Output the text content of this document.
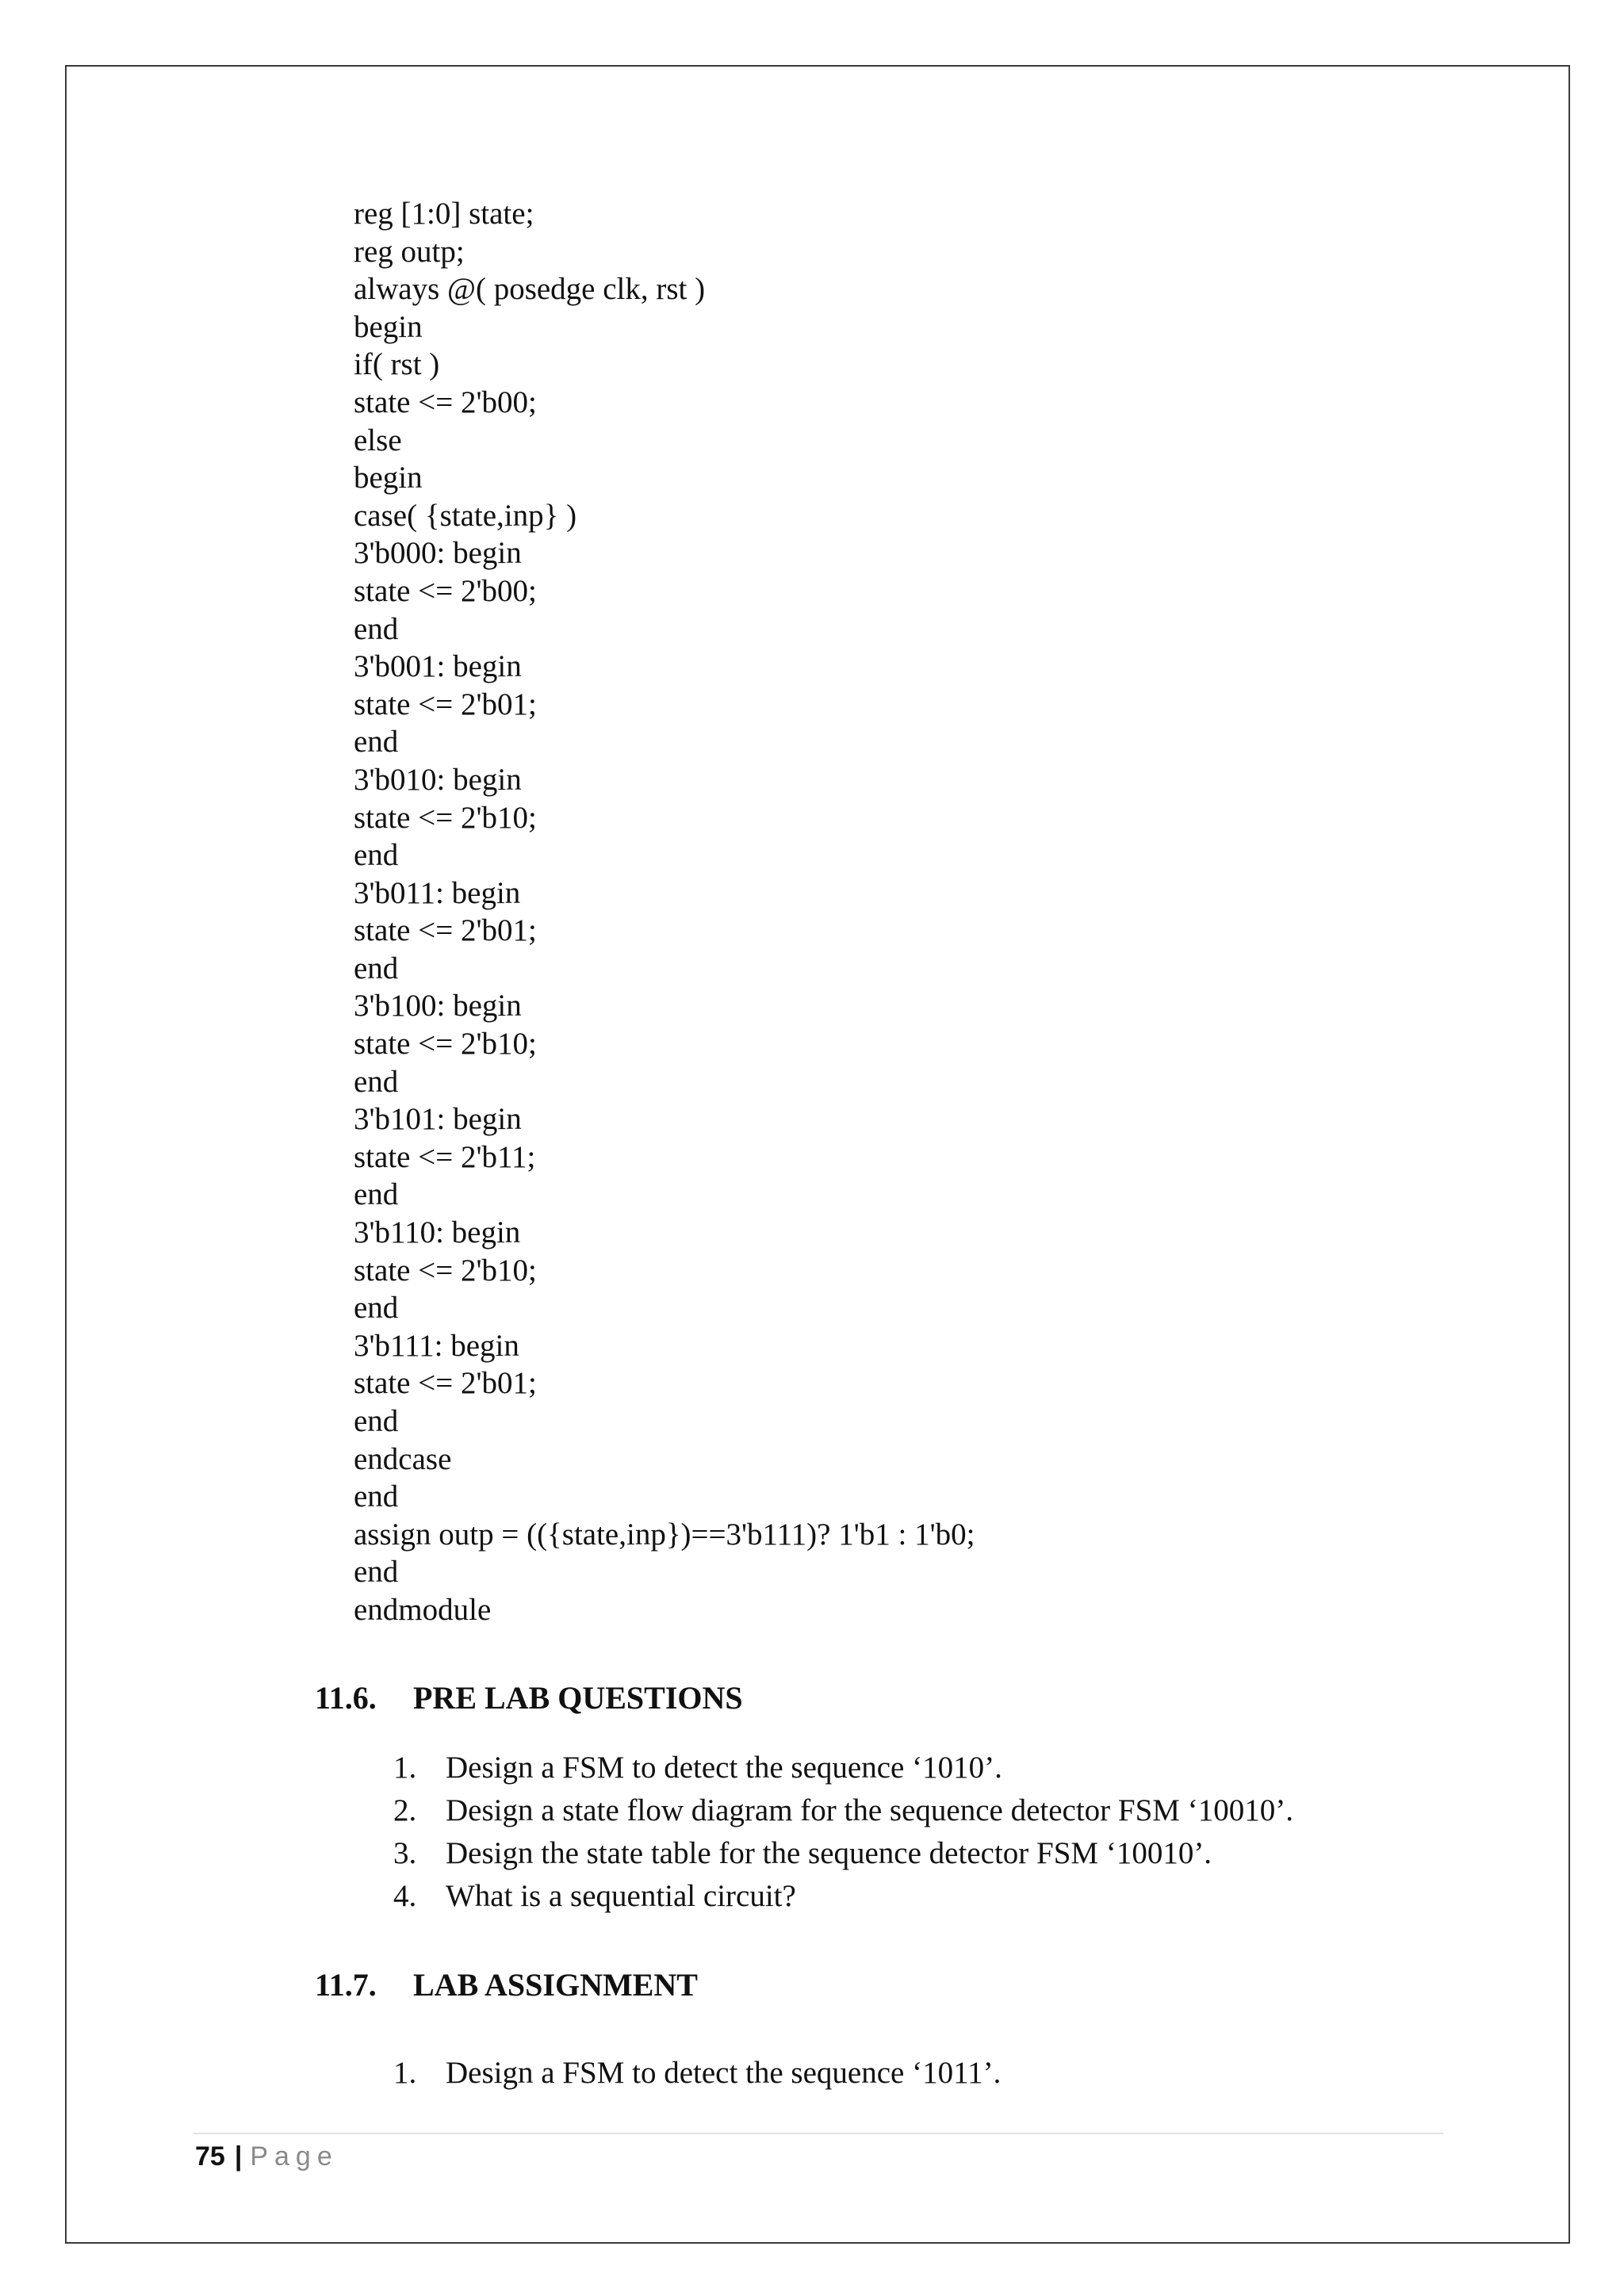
reg [1:0] state;
reg outp;
always @( posedge clk, rst )
begin
if( rst )
state <= 2'b00;
else
begin
case( {state,inp} )
3'b000: begin
state <= 2'b00;
end
3'b001: begin
state <= 2'b01;
end
3'b010: begin
state <= 2'b10;
end
3'b011: begin
state <= 2'b01;
end
3'b100: begin
state <= 2'b10;
end
3'b101: begin
state <= 2'b11;
end
3'b110: begin
state <= 2'b10;
end
3'b111: begin
state <= 2'b01;
end
endcase
end
assign outp = (({state,inp})==3'b111)? 1'b1 : 1'b0;
end
endmodule
11.6. PRE LAB QUESTIONS
1. Design a FSM to detect the sequence ‘1010’.
2. Design a state flow diagram for the sequence detector FSM ‘10010’.
3. Design the state table for the sequence detector FSM ‘10010’.
4. What is a sequential circuit?
11.7. LAB ASSIGNMENT
1. Design a FSM to detect the sequence ‘1011’.
75 | Page
